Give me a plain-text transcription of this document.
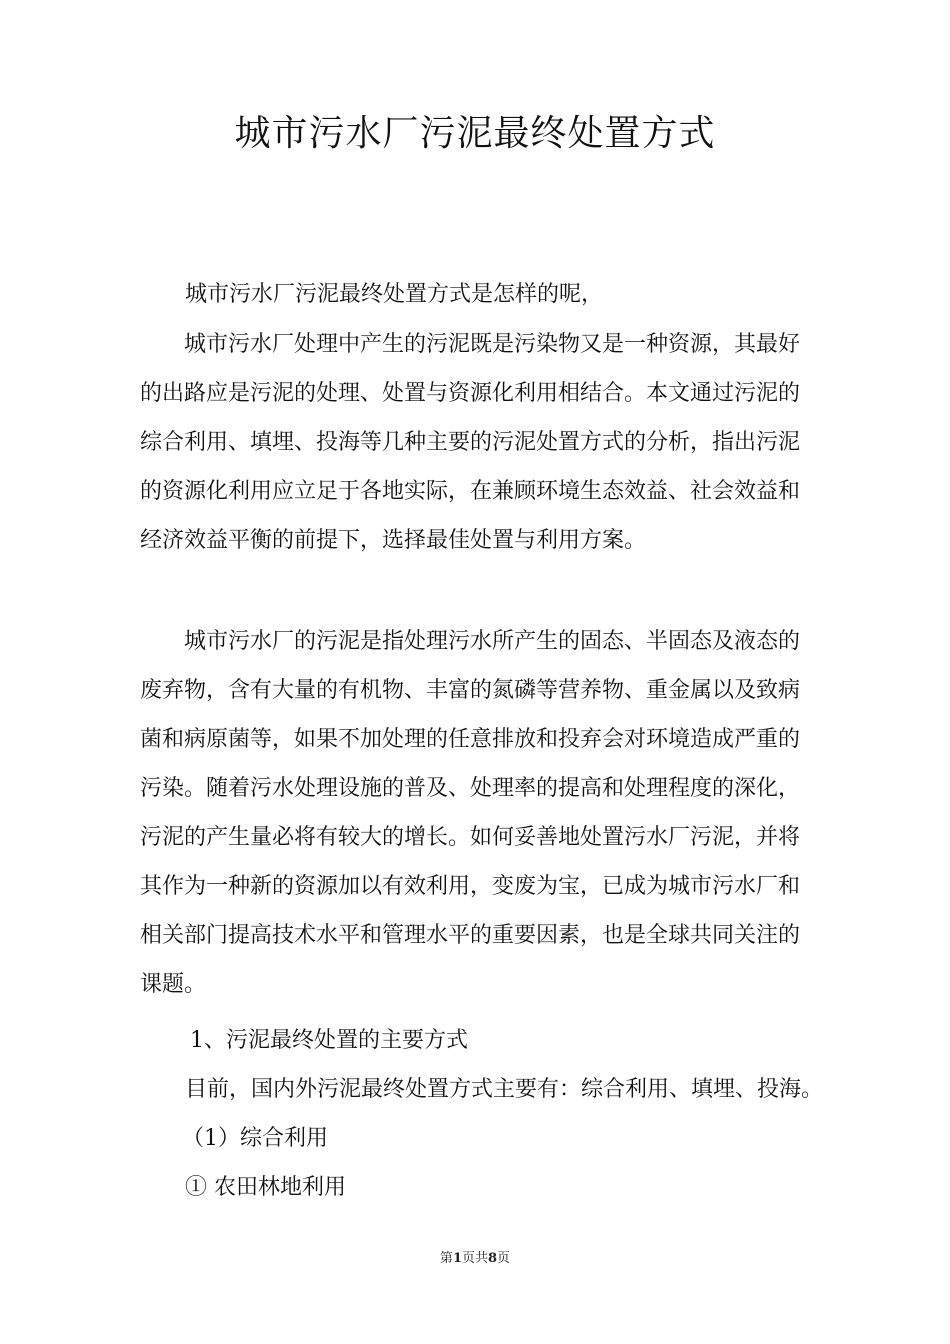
城市污水厂污泥最终处置方式

城市污水厂污泥最终处置方式是怎样的呢，

城市污水厂处理中产生的污泥既是污染物又是一种资源，其最好的出路应是污泥的处理、处置与资源化利用相结合。本文通过污泥的综合利用、填埋、投海等几种主要的污泥处置方式的分析，指出污泥的资源化利用应立足于各地实际，在兼顾环境生态效益、社会效益和经济效益平衡的前提下，选择最佳处置与利用方案。

城市污水厂的污泥是指处理污水所产生的固态、半固态及液态的废弃物，含有大量的有机物、丰富的氮磷等营养物、重金属以及致病菌和病原菌等，如果不加处理的任意排放和投弃会对环境造成严重的污染。随着污水处理设施的普及、处理率的提高和处理程度的深化，污泥的产生量必将有较大的增长。如何妥善地处置污水厂污泥，并将其作为一种新的资源加以有效利用，变废为宝，已成为城市污水厂和相关部门提高技术水平和管理水平的重要因素，也是全球共同关注的课题。

1、污泥最终处置的主要方式

目前，国内外污泥最终处置方式主要有：综合利用、填埋、投海。

（1）综合利用

① 农田林地利用

第1页共8页
